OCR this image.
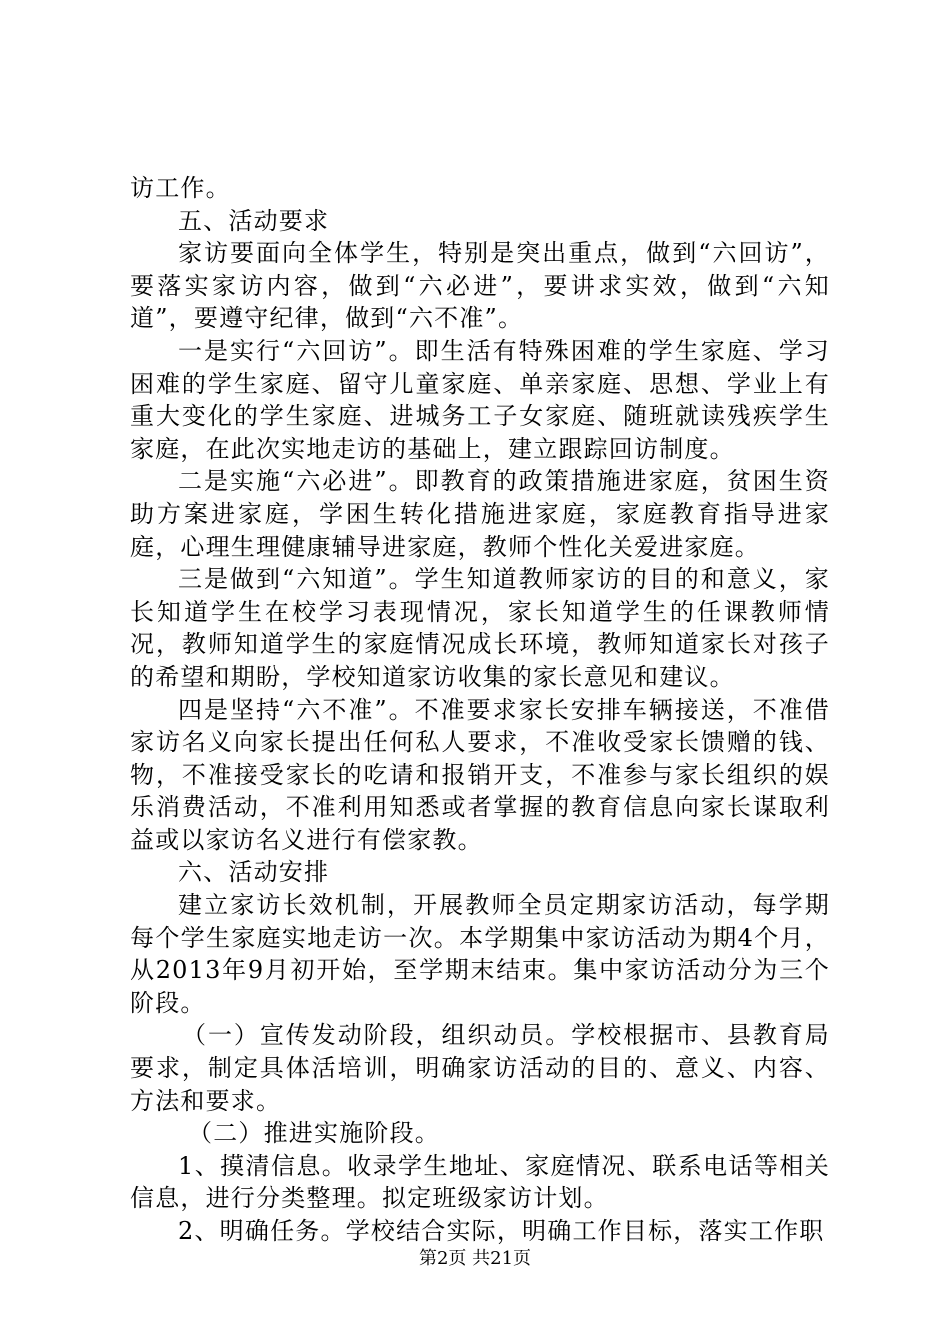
访工作。

五、活动要求

家访要面向全体学生，特别是突出重点，做到“六回访”，要落实家访内容，做到“六必进”，要讲求实效，做到“六知道”，要遵守纪律，做到“六不准”。

一是实行“六回访”。即生活有特殊困难的学生家庭、学习困难的学生家庭、留守儿童家庭、单亲家庭、思想、学业上有重大变化的学生家庭、进城务工子女家庭、随班就读残疾学生家庭，在此次实地走访的基础上，建立跟踪回访制度。

二是实施“六必进”。即教育的政策措施进家庭，贫困生资助方案进家庭，学困生转化措施进家庭，家庭教育指导进家庭，心理生理健康辅导进家庭，教师个性化关爱进家庭。

三是做到“六知道”。学生知道教师家访的目的和意义，家长知道学生在校学习表现情况，家长知道学生的任课教师情况，教师知道学生的家庭情况成长环境，教师知道家长对孩子的希望和期盼，学校知道家访收集的家长意见和建议。

四是坚持“六不准”。不准要求家长安排车辆接送，不准借家访名义向家长提出任何私人要求，不准收受家长馈赠的钱、物，不准接受家长的吃请和报销开支，不准参与家长组织的娱乐消费活动，不准利用知悉或者掌握的教育信息向家长谋取利益或以家访名义进行有偿家教。

六、活动安排

建立家访长效机制，开展教师全员定期家访活动，每学期每个学生家庭实地走访一次。本学期集中家访活动为期4个月，从2013年9月初开始，至学期末结束。集中家访活动分为三个阶段。

（一）宣传发动阶段，组织动员。学校根据市、县教育局要求，制定具体活培训，明确家访活动的目的、意义、内容、方法和要求。

（二）推进实施阶段。

1、摸清信息。收录学生地址、家庭情况、联系电话等相关信息，进行分类整理。拟定班级家访计划。

2、明确任务。学校结合实际，明确工作目标，落实工作职

第2页 共21页
